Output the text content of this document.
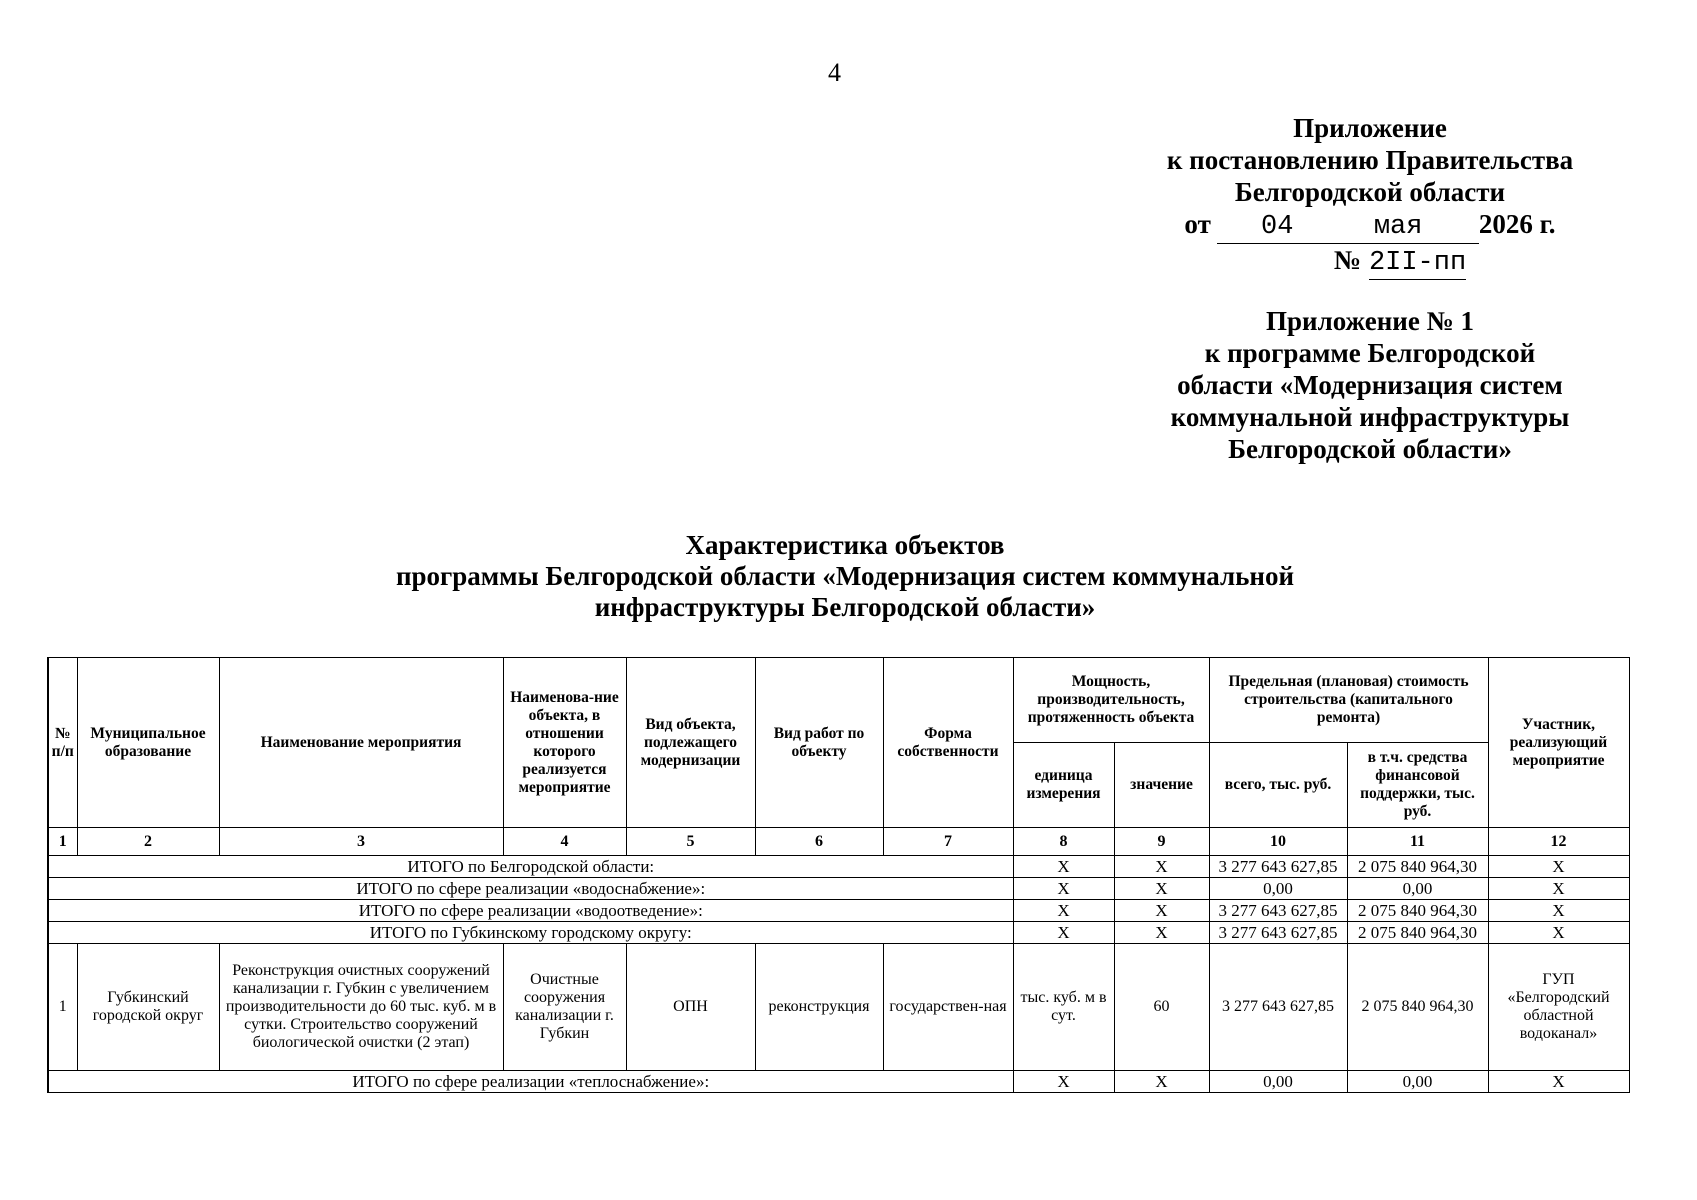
4
Приложение
к постановлению Правительства
Белгородской области
от	04	мая	2026 г.
№ 2II-пп
Приложение № 1
к программе Белгородской
области «Модернизация систем
коммунальной инфраструктуры
Белгородской области»
Характеристика объектов
программы Белгородской области «Модернизация систем коммунальной
инфраструктуры Белгородской области»
№ п/п	Муниципальное образование	Наименование мероприятия	Наименова-ние объекта, в отношении которого реализуется мероприятие	Вид объекта, подлежащего модернизации	Вид работ по объекту	Форма собственности	Мощность, производительность, протяженность объекта		Предельная (плановая) стоимость строительства (капитального ремонта)		Участник, реализующий мероприятие
							единица измерения	значение	всего, тыс. руб.	в т.ч. средства финансовой поддержки, тыс. руб.	
1	2	3	4	5	6	7	8	9	10	11	12
ИТОГО по Белгородской области:							X	X	3 277 643 627,85	2 075 840 964,30	X
ИТОГО по сфере реализации «водоснабжение»:							X	X	0,00	0,00	X
ИТОГО по сфере реализации «водоотведение»:							X	X	3 277 643 627,85	2 075 840 964,30	X
ИТОГО по Губкинскому городскому округу:							X	X	3 277 643 627,85	2 075 840 964,30	X
1	Губкинский городской округ	Реконструкция очистных сооружений канализации г. Губкин с увеличением производительности до 60 тыс. куб. м в сутки. Строительство сооружений биологической очистки (2 этап)	Очистные сооружения канализации г. Губкин	ОПН	реконструкция	государствен-ная	тыс. куб. м в сут.	60	3 277 643 627,85	2 075 840 964,30	ГУП «Белгородский областной водоканал»
ИТОГО по сфере реализации «теплоснабжение»:							X	X	0,00	0,00	X
